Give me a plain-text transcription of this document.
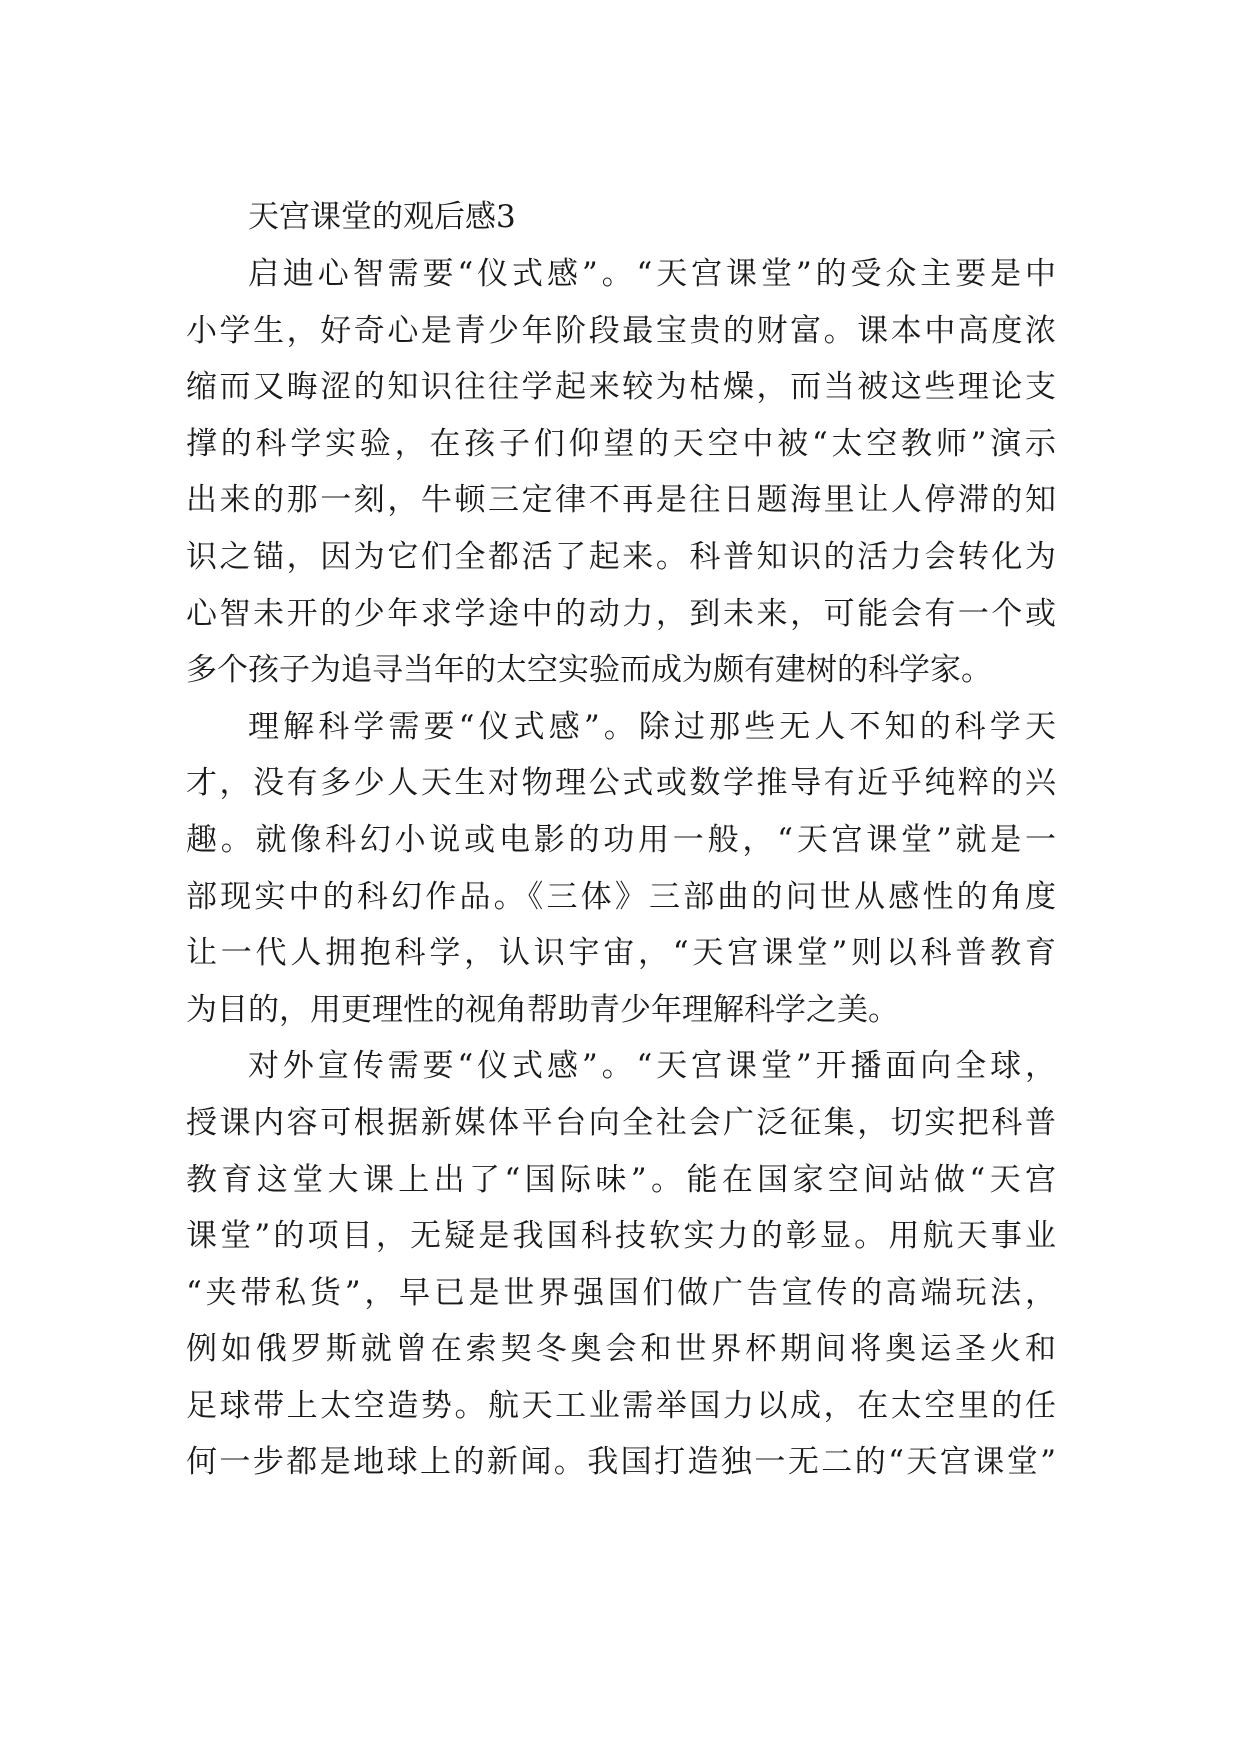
天宫课堂的观后感3
启迪心智需要“仪式感”。“天宫课堂”的受众主要是中
小学生，好奇心是青少年阶段最宝贵的财富。课本中高度浓
缩而又晦涩的知识往往学起来较为枯燥，而当被这些理论支
撑的科学实验，在孩子们仰望的天空中被“太空教师”演示
出来的那一刻，牛顿三定律不再是往日题海里让人停滞的知
识之锚，因为它们全都活了起来。科普知识的活力会转化为
心智未开的少年求学途中的动力，到未来，可能会有一个或
多个孩子为追寻当年的太空实验而成为颇有建树的科学家。
理解科学需要“仪式感”。除过那些无人不知的科学天
才，没有多少人天生对物理公式或数学推导有近乎纯粹的兴
趣。就像科幻小说或电影的功用一般，“天宫课堂”就是一
部现实中的科幻作品。《三体》三部曲的问世从感性的角度
让一代人拥抱科学，认识宇宙，“天宫课堂”则以科普教育
为目的，用更理性的视角帮助青少年理解科学之美。
对外宣传需要“仪式感”。“天宫课堂”开播面向全球，
授课内容可根据新媒体平台向全社会广泛征集，切实把科普
教育这堂大课上出了“国际味”。能在国家空间站做“天宫
课堂”的项目，无疑是我国科技软实力的彰显。用航天事业
“夹带私货”，早已是世界强国们做广告宣传的高端玩法，
例如俄罗斯就曾在索契冬奥会和世界杯期间将奥运圣火和
足球带上太空造势。航天工业需举国力以成，在太空里的任
何一步都是地球上的新闻。我国打造独一无二的“天宫课堂”
